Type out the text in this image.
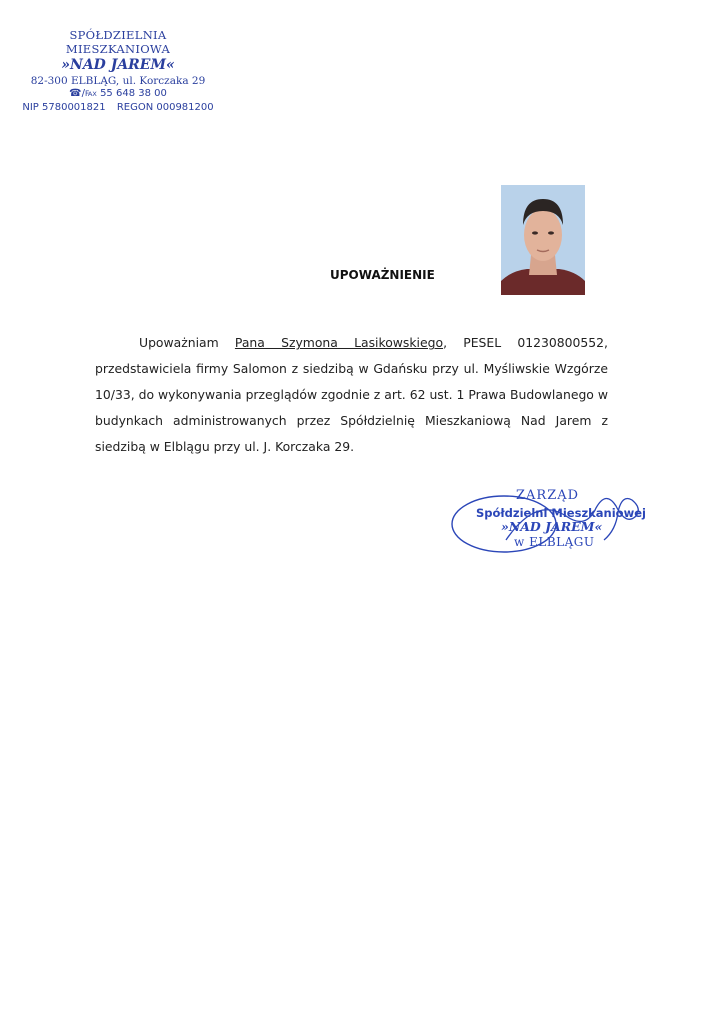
SPÓŁDZIELNIA MIESZKANIOWA
»NAD JAREM«
82-300 ELBLĄG, ul. Korczaka 29
☎/℻ 55 648 38 00
NIP 5780001821 REGON 000981200
UPOWAŻNIENIE

Upoważniam Pana Szymona Lasikowskiego, PESEL 01230800552, przedstawiciela firmy Salomon z siedzibą w Gdańsku przy ul. Myśliwskie Wzgórze 10/33, do wykonywania przeglądów zgodnie z art. 62 ust. 1 Prawa Budowlanego w budynkach administrowanych przez Spółdzielnię Mieszkaniową Nad Jarem z siedzibą w Elblągu przy ul. J. Korczaka 29.

ZARZĄD
Spółdzielni Mieszkaniowej
»NAD JAREM«
w ELBLĄGU
